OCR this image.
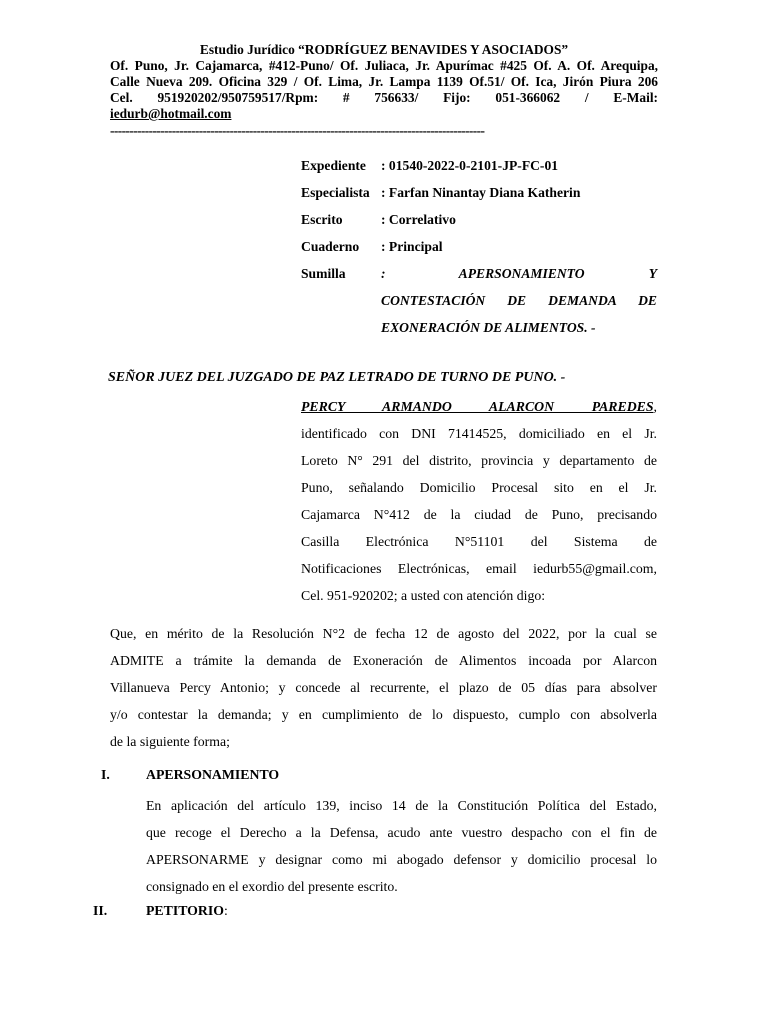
Estudio Jurídico “RODRÍGUEZ BENAVIDES Y ASOCIADOS”
Of. Puno, Jr. Cajamarca, #412-Puno/ Of. Juliaca, Jr. Apurímac #425 Of. A. Of. Arequipa,
Calle Nueva 209. Oficina 329 / Of. Lima, Jr. Lampa 1139 Of.51/ Of. Ica, Jirón Piura 206
Cel. 951920202/950759517/Rpm: # 756633/ Fijo: 051-366062 / E-Mail:
iedurb@hotmail.com
-------------------------------------------------------------------------------------------------
Expediente	: 01540-2022-0-2101-JP-FC-01
Especialista : Farfan Ninantay Diana Katherin
Escrito	: Correlativo
Cuaderno	: Principal
Sumilla	:                APERSONAMIENTO              Y
CONTESTACIÓN DE DEMANDA DE
EXONERACIÓN DE ALIMENTOS. -
SEÑOR JUEZ DEL JUZGADO DE PAZ LETRADO DE TURNO DE PUNO. -
PERCY ARMANDO ALARCON PAREDES,
identificado con DNI 71414525, domiciliado en el Jr.
Loreto N° 291 del distrito, provincia y departamento de
Puno, señalando Domicilio Procesal sito en el Jr.
Cajamarca N°412 de la ciudad de Puno, precisando
Casilla Electrónica N°51101 del Sistema de
Notificaciones Electrónicas, email iedurb55@gmail.com,
Cel. 951-920202; a usted con atención digo:
Que, en mérito de la Resolución N°2 de fecha 12 de agosto del 2022, por la cual se
ADMITE a trámite la demanda de Exoneración de Alimentos incoada por Alarcon
Villanueva Percy Antonio; y concede al recurrente, el plazo de 05 días para absolver
y/o contestar la demanda; y en cumplimiento de lo dispuesto, cumplo con absolverla
de la siguiente forma;
I.	APERSONAMIENTO
En aplicación del artículo 139, inciso 14 de la Constitución Política del Estado,
que recoge el Derecho a la Defensa, acudo ante vuestro despacho con el fin de
APERSONARME y designar como mi abogado defensor y domicilio procesal lo
consignado en el exordio del presente escrito.
II.	PETITORIO:
